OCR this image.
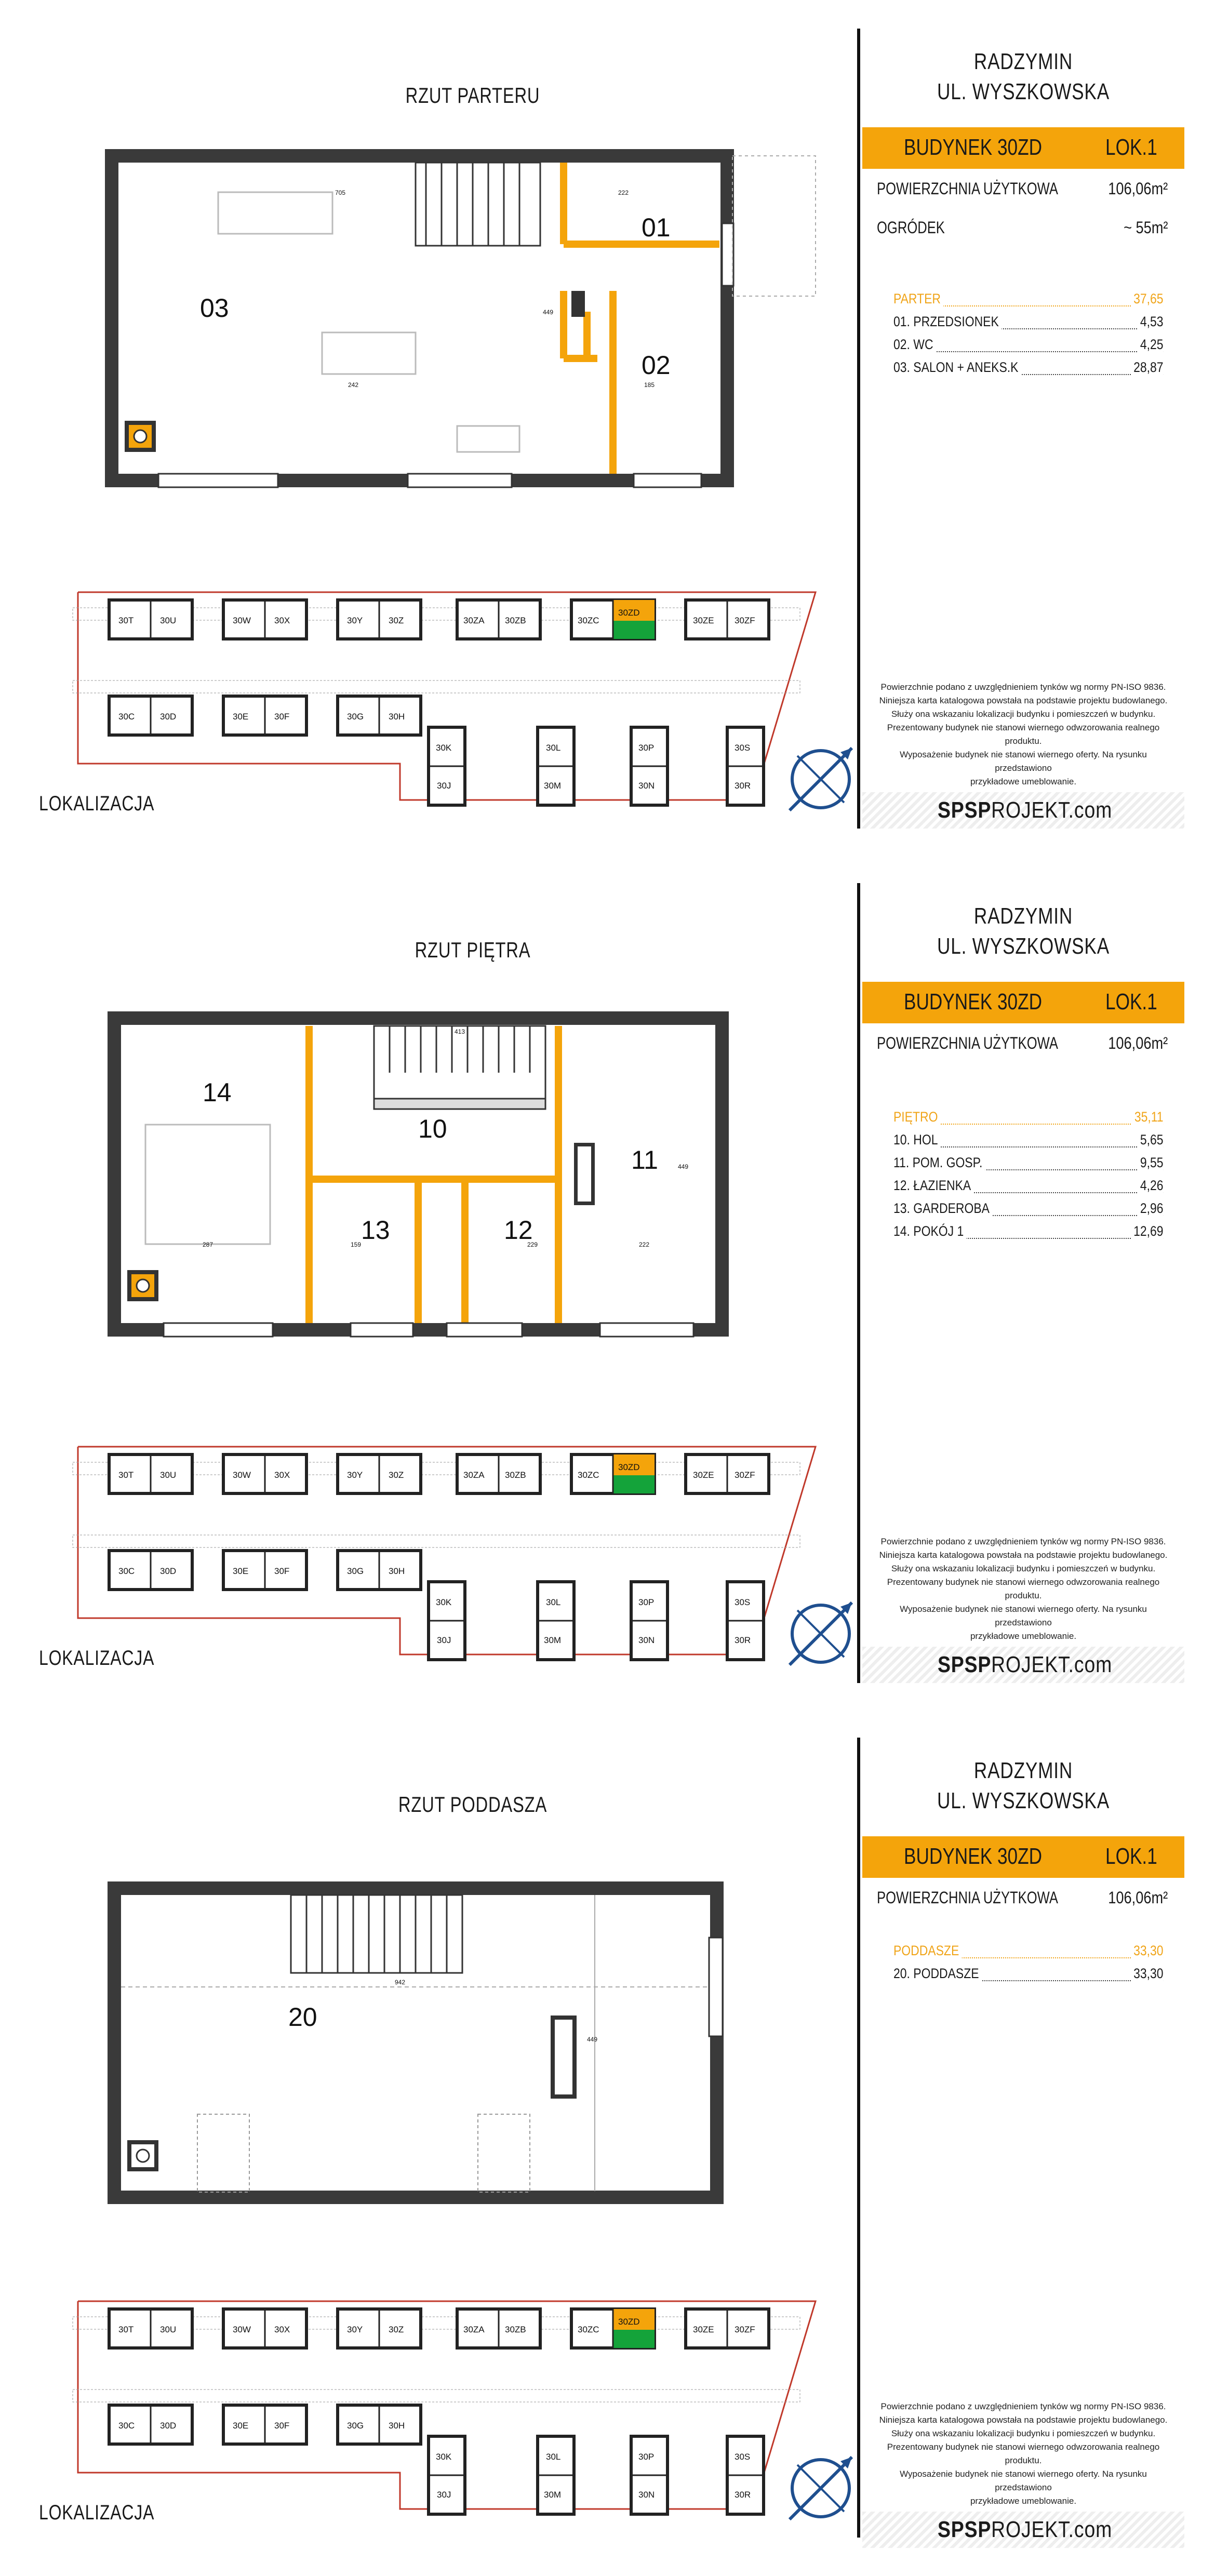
RZUT PARTERU
705	222
449
242	185
03
01
02
30T	30U	30W	30X	30Y	30Z	30ZA 30ZB	30ZC
30ZD
30ZE 30ZF
30C	30D	30E	30F	30G	30H
30K
30J
30L
30M
30P
30N
30S
30R
LOKALIZACJA
RADZYMIN
UL. WYSZKOWSKA
BUDYNEK 30ZD	LOK.1
POWIERZCHNIA UŻYTKOWA	106,06m²
OGRÓDEK	~ 55m²
PARTER	37,65
01. PRZEDSIONEK	4,53
02. WC	4,25
03. SALON + ANEKS.K	28,87
Powierzchnie podano z uwzględnieniem tynków wg normy PN-ISO 9836.
Niniejsza karta katalogowa powstała na podstawie projektu budowlanego.
Służy ona wskazaniu lokalizacji budynku i pomieszczeń w budynku.
Prezentowany budynek nie stanowi wiernego odwzorowania realnego produktu.
Wyposażenie budynek nie stanowi wiernego oferty. Na rysunku przedstawiono
przykładowe umeblowanie.
SPSPROJEKT.com
RZUT PIĘTRA
413
287	159	229	222
449
14
10
11
12
13
30T	30U	30W	30X	30Y	30Z	30ZA 30ZB	30ZC
30ZD
30ZE 30ZF
30C	30D	30E	30F	30G	30H
30K
30J
30L
30M
30P
30N
30S
30R
LOKALIZACJA
RADZYMIN
UL. WYSZKOWSKA
BUDYNEK 30ZD	LOK.1
POWIERZCHNIA UŻYTKOWA	106,06m²
PIĘTRO	35,11
10. HOL	5,65
11. POM. GOSP.	9,55
12. ŁAZIENKA	4,26
13. GARDEROBA	2,96
14. POKÓJ 1	12,69
Powierzchnie podano z uwzględnieniem tynków wg normy PN-ISO 9836.
Niniejsza karta katalogowa powstała na podstawie projektu budowlanego.
Służy ona wskazaniu lokalizacji budynku i pomieszczeń w budynku.
Prezentowany budynek nie stanowi wiernego odwzorowania realnego produktu.
Wyposażenie budynek nie stanowi wiernego oferty. Na rysunku przedstawiono
przykładowe umeblowanie.
SPSPROJEKT.com
RZUT PODDASZA
942
449
20
30T	30U	30W	30X	30Y	30Z	30ZA 30ZB	30ZC
30ZD
30ZE 30ZF
30C	30D	30E	30F	30G	30H
30K
30J
30L
30M
30P
30N
30S
30R
LOKALIZACJA
RADZYMIN
UL. WYSZKOWSKA
BUDYNEK 30ZD	LOK.1
POWIERZCHNIA UŻYTKOWA	106,06m²
PODDASZE	33,30
20. PODDASZE	33,30
Powierzchnie podano z uwzględnieniem tynków wg normy PN-ISO 9836.
Niniejsza karta katalogowa powstała na podstawie projektu budowlanego.
Służy ona wskazaniu lokalizacji budynku i pomieszczeń w budynku.
Prezentowany budynek nie stanowi wiernego odwzorowania realnego produktu.
Wyposażenie budynek nie stanowi wiernego oferty. Na rysunku przedstawiono
przykładowe umeblowanie.
SPSPROJEKT.com
